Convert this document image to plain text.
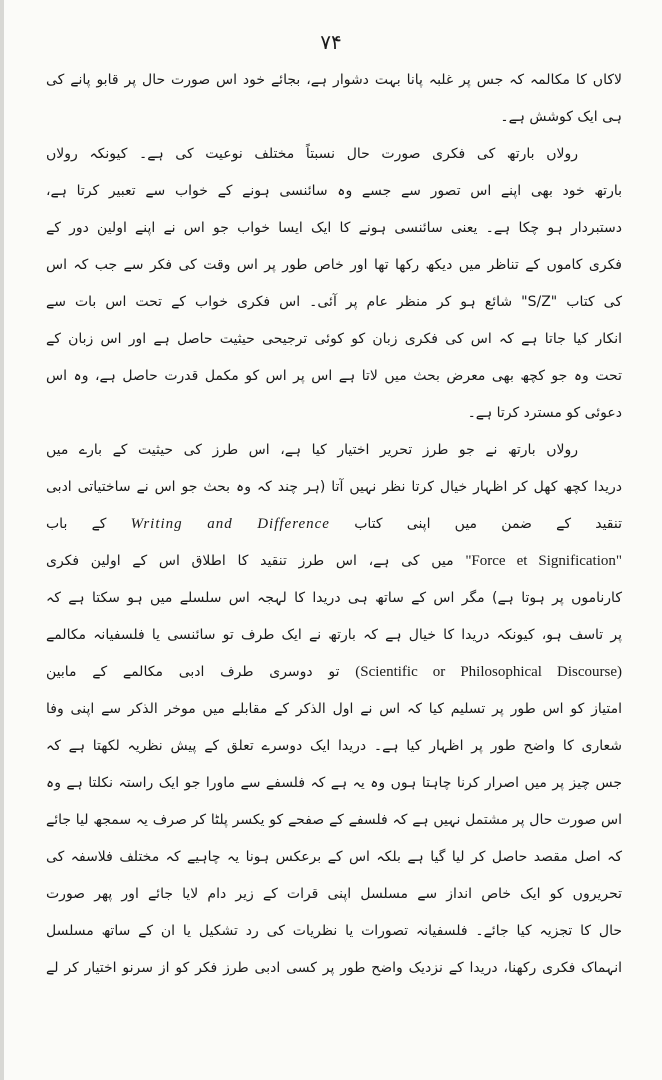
۷۴
لاکاں کا مکالمہ کہ جس پر غلبہ پانا بہت دشوار ہے، بجائے خود اس صورت حال پر قابو پانے کی
ہی ایک کوشش ہے۔
رولاں بارتھ کی فکری صورت حال نسبتاً مختلف نوعیت کی ہے۔ کیونکہ رولاں
بارتھ خود بھی اپنے اس تصور سے جسے وہ سائنسی ہونے کے خواب سے تعبیر کرتا ہے،
دستبردار ہو چکا ہے۔ یعنی سائنسی ہونے کا ایک ایسا خواب جو اس نے اپنے اولین دور کے
فکری کاموں کے تناظر میں دیکھ رکھا تھا اور خاص طور پر اس وقت کی فکر سے جب کہ اس
کی کتاب "S/Z" شائع ہو کر منظر عام پر آئی۔ اس فکری خواب کے تحت اس بات سے
انکار کیا جاتا ہے کہ اس کی فکری زبان کو کوئی ترجیحی حیثیت حاصل ہے اور اس زبان کے
تحت وہ جو کچھ بھی معرض بحث میں لاتا ہے اس پر اس کو مکمل قدرت حاصل ہے، وہ اس
دعوئی کو مسترد کرتا ہے۔
رولاں بارتھ نے جو طرز تحریر اختیار کیا ہے، اس طرز کی حیثیت کے بارے میں
دریدا کچھ کھل کر اظہار خیال کرتا نظر نہیں آتا (ہر چند کہ وہ بحث جو اس نے ساختیاتی ادبی
تنقید کے ضمن میں اپنی کتاب Writing and Difference کے باب
"Force et Signification" میں کی ہے، اس طرز تنقید کا اطلاق اس کے اولین فکری
کارناموں پر ہوتا ہے) مگر اس کے ساتھ ہی دریدا کا لہجہ اس سلسلے میں ہو سکتا ہے کہ
پر تاسف ہو، کیونکہ دریدا کا خیال ہے کہ بارتھ نے ایک طرف تو سائنسی یا فلسفیانہ مکالمے
(Scientific or Philosophical Discourse) تو دوسری طرف ادبی مکالمے کے مابین
امتیاز کو اس طور پر تسلیم کیا کہ اس نے اول الذکر کے مقابلے میں موخر الذکر سے اپنی وفا
شعاری کا واضح طور پر اظہار کیا ہے۔ دریدا ایک دوسرے تعلق کے پیش نظریہ لکھتا ہے کہ
جس چیز پر میں اصرار کرنا چاہتا ہوں وہ یہ ہے کہ فلسفے سے ماورا جو ایک راستہ نکلتا ہے وہ
اس صورت حال پر مشتمل نہیں ہے کہ فلسفے کے صفحے کو یکسر پلٹا کر صرف یہ سمجھ لیا جائے
کہ اصل مقصد حاصل کر لیا گیا ہے بلکہ اس کے برعکس ہونا یہ چاہیے کہ مختلف فلاسفہ کی
تحریروں کو ایک خاص انداز سے مسلسل اپنی قرات کے زیر دام لایا جائے اور پھر صورت
حال کا تجزیہ کیا جائے۔ فلسفیانہ تصورات یا نظریات کی رد تشکیل یا ان کے ساتھ مسلسل
انہماک فکری رکھنا، دریدا کے نزدیک واضح طور پر کسی ادبی طرز فکر کو از سرنو اختیار کر لے
